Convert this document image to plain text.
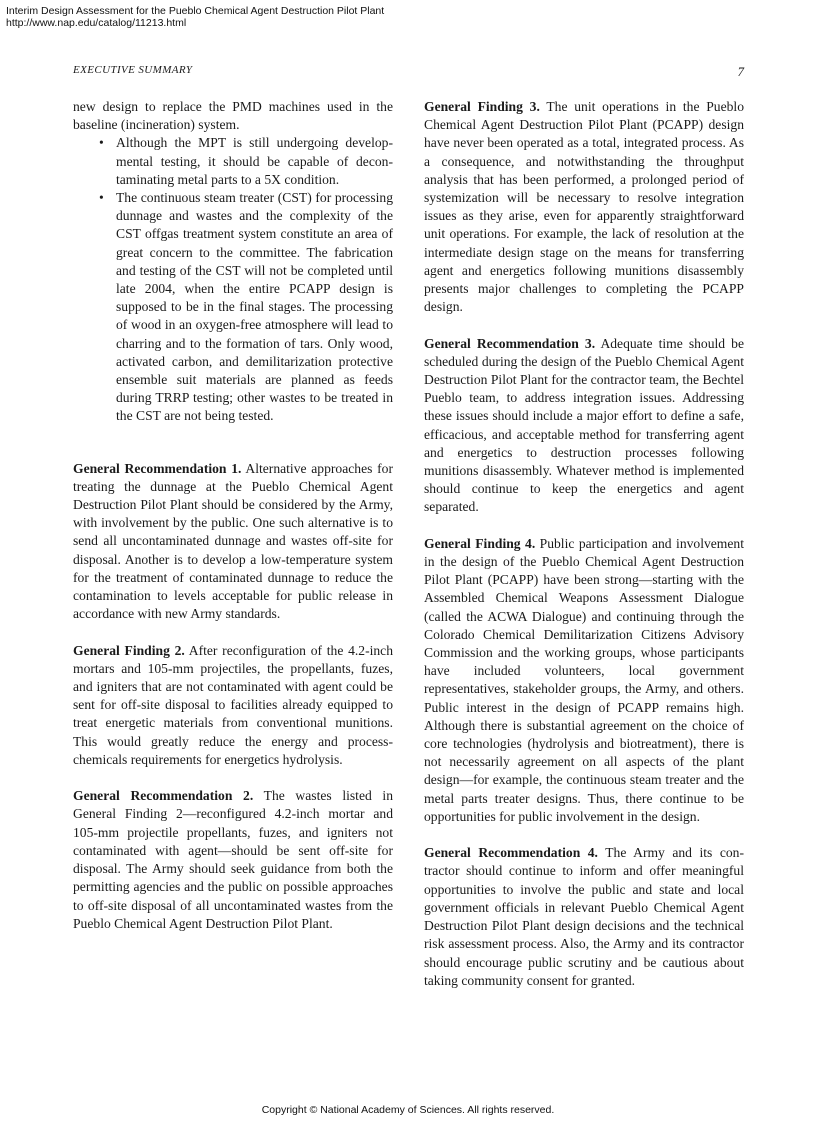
Interim Design Assessment for the Pueblo Chemical Agent Destruction Pilot Plant
http://www.nap.edu/catalog/11213.html
EXECUTIVE SUMMARY	7

new design to replace the PMD machines used in the baseline (incineration) system.

• Although the MPT is still undergoing developmental testing, it should be capable of decontaminating metal parts to a 5X condition.
• The continuous steam treater (CST) for processing dunnage and wastes and the complexity of the CST offgas treatment system constitute an area of great concern to the committee. The fabrication and testing of the CST will not be completed until late 2004, when the entire PCAPP design is supposed to be in the final stages. The processing of wood in an oxygen-free atmosphere will lead to charring and to the formation of tars. Only wood, activated carbon, and demilitarization protective ensemble suit materials are planned as feeds during TRRP testing; other wastes to be treated in the CST are not being tested.

General Recommendation 1. Alternative approaches for treating the dunnage at the Pueblo Chemical Agent Destruction Pilot Plant should be considered by the Army, with involvement by the public. One such alternative is to send all uncontaminated dunnage and wastes off-site for disposal. Another is to develop a low-temperature system for the treatment of contaminated dunnage to reduce the contamination to levels acceptable for public release in accordance with new Army standards.

General Finding 2. After reconfiguration of the 4.2-inch mortars and 105-mm projectiles, the propellants, fuzes, and igniters that are not contaminated with agent could be sent for off-site disposal to facilities already equipped to treat energetic materials from conventional munitions. This would greatly reduce the energy and process-chemicals requirements for energetics hydrolysis.

General Recommendation 2. The wastes listed in General Finding 2—reconfigured 4.2-inch mortar and 105-mm projectile propellants, fuzes, and igniters not contaminated with agent—should be sent off-site for disposal. The Army should seek guidance from both the permitting agencies and the public on possible approaches to off-site disposal of all uncontaminated wastes from the Pueblo Chemical Agent Destruction Pilot Plant.

General Finding 3. The unit operations in the Pueblo Chemical Agent Destruction Pilot Plant (PCAPP) design have never been operated as a total, integrated process. As a consequence, and notwithstanding the throughput analysis that has been performed, a prolonged period of systemization will be necessary to resolve integration issues as they arise, even for apparently straightforward unit operations. For example, the lack of resolution at the intermediate design stage on the means for transferring agent and energetics following munitions disassembly presents major challenges to completing the PCAPP design.

General Recommendation 3. Adequate time should be scheduled during the design of the Pueblo Chemical Agent Destruction Pilot Plant for the contractor team, the Bechtel Pueblo team, to address integration issues. Addressing these issues should include a major effort to define a safe, efficacious, and acceptable method for transferring agent and energetics to destruction processes following munitions disassembly. Whatever method is implemented should continue to keep the energetics and agent separated.

General Finding 4. Public participation and involvement in the design of the Pueblo Chemical Agent Destruction Pilot Plant (PCAPP) have been strong—starting with the Assembled Chemical Weapons Assessment Dialogue (called the ACWA Dialogue) and continuing through the Colorado Chemical Demilitarization Citizens Advisory Commission and the working groups, whose participants have included volunteers, local government representatives, stakeholder groups, the Army, and others. Public interest in the design of PCAPP remains high. Although there is substantial agreement on the choice of core technologies (hydrolysis and biotreatment), there is not necessarily agreement on all aspects of the plant design—for example, the continuous steam treater and the metal parts treater designs. Thus, there continue to be opportunities for public involvement in the design.

General Recommendation 4. The Army and its contractor should continue to inform and offer meaningful opportunities to involve the public and state and local government officials in relevant Pueblo Chemical Agent Destruction Pilot Plant design decisions and the technical risk assessment process. Also, the Army and its contractor should encourage public scrutiny and be cautious about taking community consent for granted.

Copyright © National Academy of Sciences. All rights reserved.
